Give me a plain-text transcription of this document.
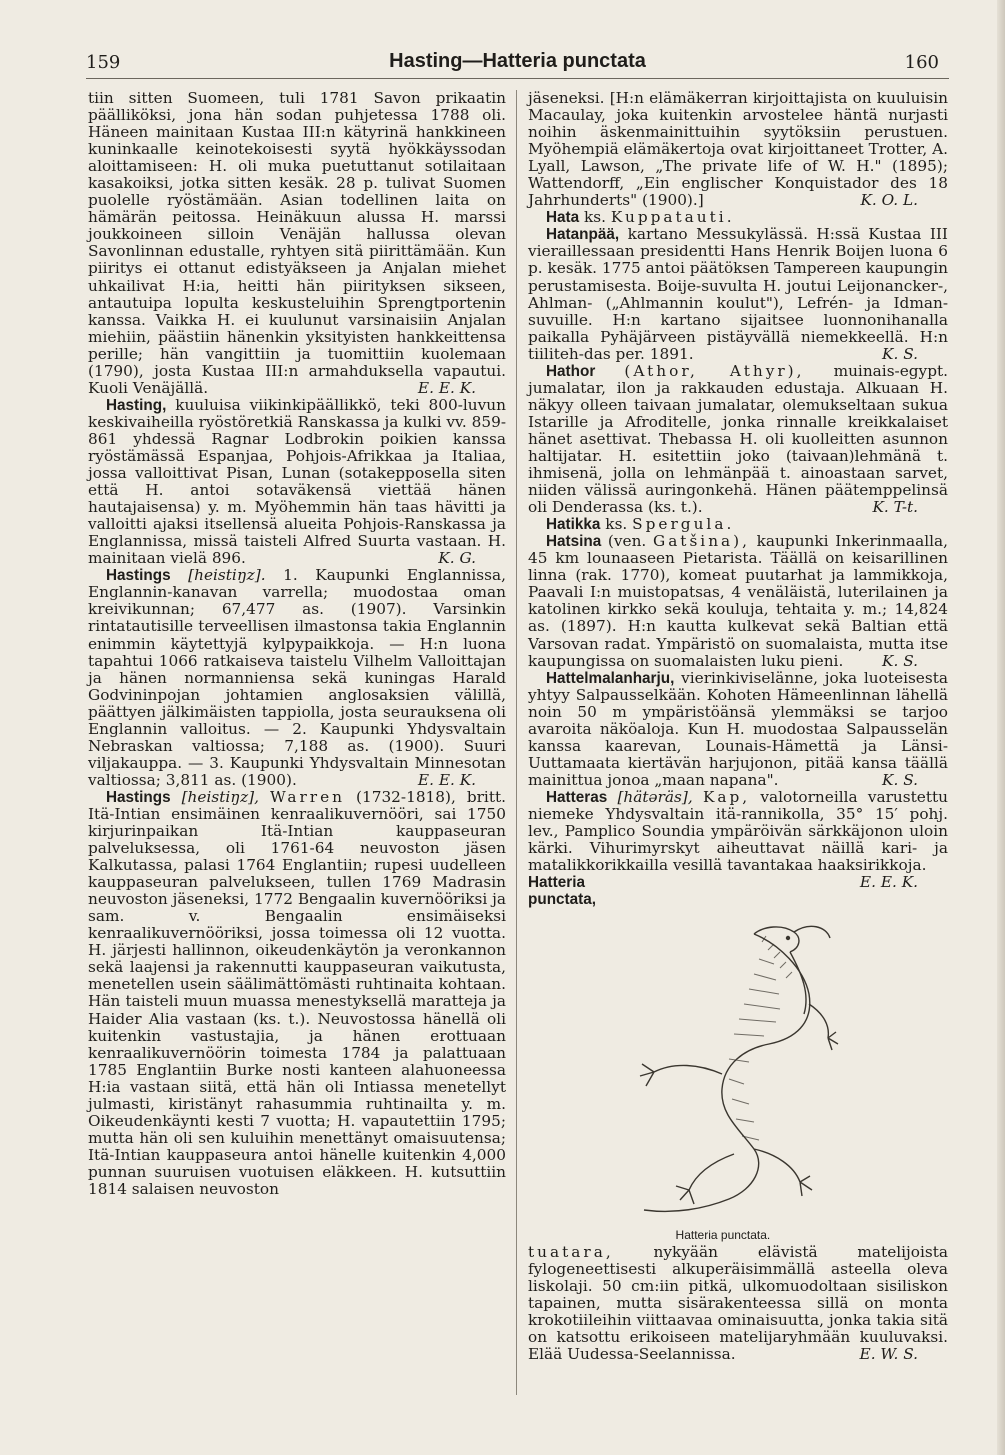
159	Hasting—Hatteria punctata	160

tiin sitten Suomeen, tuli 1781 Savon prikaatin päälliköksi, jona hän sodan puhjetessa 1788 oli. Häneen mainitaan Kustaa III:n kätyrinä hankkineen kuninkaalle keinotekoisesti syytä hyökkäyssodan aloittamiseen: H. oli muka puetuttanut sotilaitaan kasakoiksi, jotka sitten kesäk. 28 p. tulivat Suomen puolelle ryöstämään. Asian todellinen laita on hämärän peitossa. Heinäkuun alussa H. marssi joukkoineen silloin Venäjän hallussa olevan Savonlinnan edustalle, ryhtyen sitä piirittämään. Kun piiritys ei ottanut edistyäkseen ja Anjalan miehet uhkailivat H:ia, heitti hän piirityksen sikseen, antautuipa lopulta keskusteluihin Sprengtportenin kanssa. Vaikka H. ei kuulunut varsinaisiin Anjalan miehiin, päästiin hänenkin yksityisten hankkeittensa perille; hän vangittiin ja tuomittiin kuolemaan (1790), josta Kustaa III:n armahduksella vapautui. Kuoli Venäjällä.	E. E. K.

Hasting, kuuluisa viikinkipäällikkö, teki 800-luvun keskivaiheilla ryöstöretkiä Ranskassa ja kulki vv. 859-861 yhdessä Ragnar Lodbrokin poikien kanssa ryöstämässä Espanjaa, Pohjois-Afrikkaa ja Italiaa, jossa valloittivat Pisan, Lunan (sotakepposella siten että H. antoi sotaväkensä viettää hänen hautajaisensa) y. m. Myöhemmin hän taas hävitti ja valloitti ajaksi itsellensä alueita Pohjois-Ranskassa ja Englannissa, missä taisteli Alfred Suurta vastaan. H. mainitaan vielä 896.	K. G.

Hastings [heistiŋz]. 1. Kaupunki Englannissa, Englannin-kanavan varrella; muodostaa oman kreivikunnan; 67,477 as. (1907). Varsinkin rintatautisille terveellisen ilmastonsa takia Englannin enimmin käytettyjä kylpypaikkoja. — H:n luona tapahtui 1066 ratkaiseva taistelu Vilhelm Valloittajan ja hänen normanniensa sekä kuningas Harald Godvininpojan johtamien anglosaksien välillä, päättyen jälkimäisten tappiolla, josta seurauksena oli Englannin valloitus. — 2. Kaupunki Yhdysvaltain Nebraskan valtiossa; 7,188 as. (1900). Suuri viljakauppa. — 3. Kaupunki Yhdysvaltain Minnesotan valtiossa; 3,811 as. (1900).	E. E. K.

Hastings [heistiŋz], Warren (1732-1818), britt. Itä-Intian ensimäinen kenraalikuvernööri, sai 1750 kirjurinpaikan Itä-Intian kauppaseuran palveluksessa, oli 1761-64 neuvoston jäsen Kalkutassa, palasi 1764 Englantiin; rupesi uudelleen kauppaseuran palvelukseen, tullen 1769 Madrasin neuvoston jäseneksi, 1772 Bengaalin kuvernööriksi ja sam. v. Bengaalin ensimäiseksi kenraalikuvernööriksi, jossa toimessa oli 12 vuotta. H. järjesti hallinnon, oikeudenkäytön ja veronkannon sekä laajensi ja rakennutti kauppaseuran vaikutusta, menetellen usein säälimättömästi ruhtinaita kohtaan. Hän taisteli muun muassa menestyksellä maratteja ja Haider Alia vastaan (ks. t.). Neuvostossa hänellä oli kuitenkin vastustajia, ja hänen erottuaan kenraalikuvernöörin toimesta 1784 ja palattuaan 1785 Englantiin Burke nosti kanteen alahuoneessa H:ia vastaan siitä, että hän oli Intiassa menetellyt julmasti, kiristänyt rahasummia ruhtinailta y. m. Oikeudenkäynti kesti 7 vuotta; H. vapautettiin 1795; mutta hän oli sen kuluihin menettänyt omaisuutensa; Itä-Intian kauppaseura antoi hänelle kuitenkin 4,000 punnan suuruisen vuotuisen eläkkeen. H. kutsuttiin 1814 salaisen neuvoston

jäseneksi. [H:n elämäkerran kirjoittajista on kuuluisin Macaulay, joka kuitenkin arvostelee häntä nurjasti noihin äskenmainittuihin syytöksiin perustuen. Myöhempiä elämäkertoja ovat kirjoittaneet Trotter, A. Lyall, Lawson, „The private life of W. H." (1895); Wattendorff, „Ein englischer Konquistador des 18 Jahrhunderts" (1900).]	K. O. L.

Hata ks. Kuppatauti.

Hatanpää, kartano Messukylässä. H:ssä Kustaa III vieraillessaan presidentti Hans Henrik Boijen luona 6 p. kesäk. 1775 antoi päätöksen Tampereen kaupungin perustamisesta. Boije-suvulta H. joutui Leijonancker-, Ahlman- („Ahlmannin koulut"), Lefrén- ja Idman-suvuille. H:n kartano sijaitsee luonnonihanalla paikalla Pyhäjärveen pistäyvällä niemekkeellä. H:n tiiliteh-das per. 1891.	K. S.

Hathor (Athor, Athyr), muinais-egypt. jumalatar, ilon ja rakkauden edustaja. Alkuaan H. näkyy olleen taivaan jumalatar, olemukseltaan sukua Istarille ja Afroditelle, jonka rinnalle kreikkalaiset hänet asettivat. Thebassa H. oli kuolleitten asunnon haltijatar. H. esitettiin joko (taivaan)lehmänä t. ihmisenä, jolla on lehmänpää t. ainoastaan sarvet, niiden välissä auringonkehä. Hänen päätemppelinsä oli Denderassa (ks. t.).	K. T-t.

Hatikka ks. Spergula.

Hatsina (ven. Gatšina), kaupunki Inkerinmaalla, 45 km lounaaseen Pietarista. Täällä on keisarillinen linna (rak. 1770), komeat puutarhat ja lammikkoja, Paavali I:n muistopatsas, 4 venäläistä, luterilainen ja katolinen kirkko sekä kouluja, tehtaita y. m.; 14,824 as. (1897). H:n kautta kulkevat sekä Baltian että Varsovan radat. Ympäristö on suomalaista, mutta itse kaupungissa on suomalaisten luku pieni.	K. S.

Hattelmalanharju, vierinkiviselänne, joka luoteisesta yhtyy Salpausselkään. Kohoten Hämeenlinnan lähellä noin 50 m ympäristöänsä ylemmäksi se tarjoo avaroita näköaloja. Kun H. muodostaa Salpausselän kanssa kaarevan, Lounais-Hämettä ja Länsi-Uuttamaata kiertävän harjujonon, pitää kansa täällä mainittua jonoa „maan napana".	K. S.

Hatteras [hätəräs], Kap, valotorneilla varustettu niemeke Yhdysvaltain itä-rannikolla, 35° 15′ pohj. lev., Pamplico Soundia ympäröivän särkkäjonon uloin kärki. Vihurimyrskyt aiheuttavat näillä kari- ja matalikkorikkailla vesillä tavantakaa haaksirikkoja.
E. E. K.

Hatteria punctata.
Hatteria punctata, tuatara,	nykyään elävistä matelijoista fylogeneettisesti alkuperäisimmällä asteella oleva liskolaji. 50 cm:iin pitkä, ulkomuodoltaan sisiliskon tapainen, mutta sisärakenteessa sillä on monta krokotiileihin viittaavaa ominaisuutta, jonka takia sitä on katsottu erikoiseen matelijaryhmään kuuluvaksi. Elää Uudessa-Seelannissa.	E. W. S.
